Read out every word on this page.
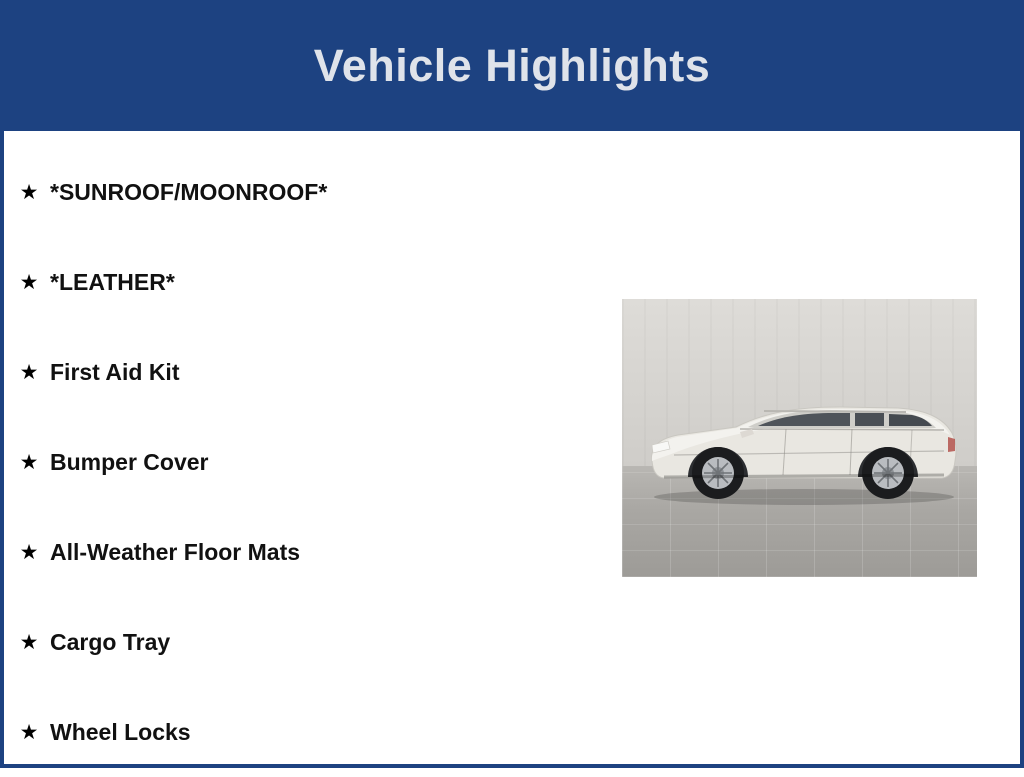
Vehicle Highlights
★ *SUNROOF/MOONROOF*
★ *LEATHER*
★ First Aid Kit
★ Bumper Cover
★ All-Weather Floor Mats
★ Cargo Tray
★ Wheel Locks
